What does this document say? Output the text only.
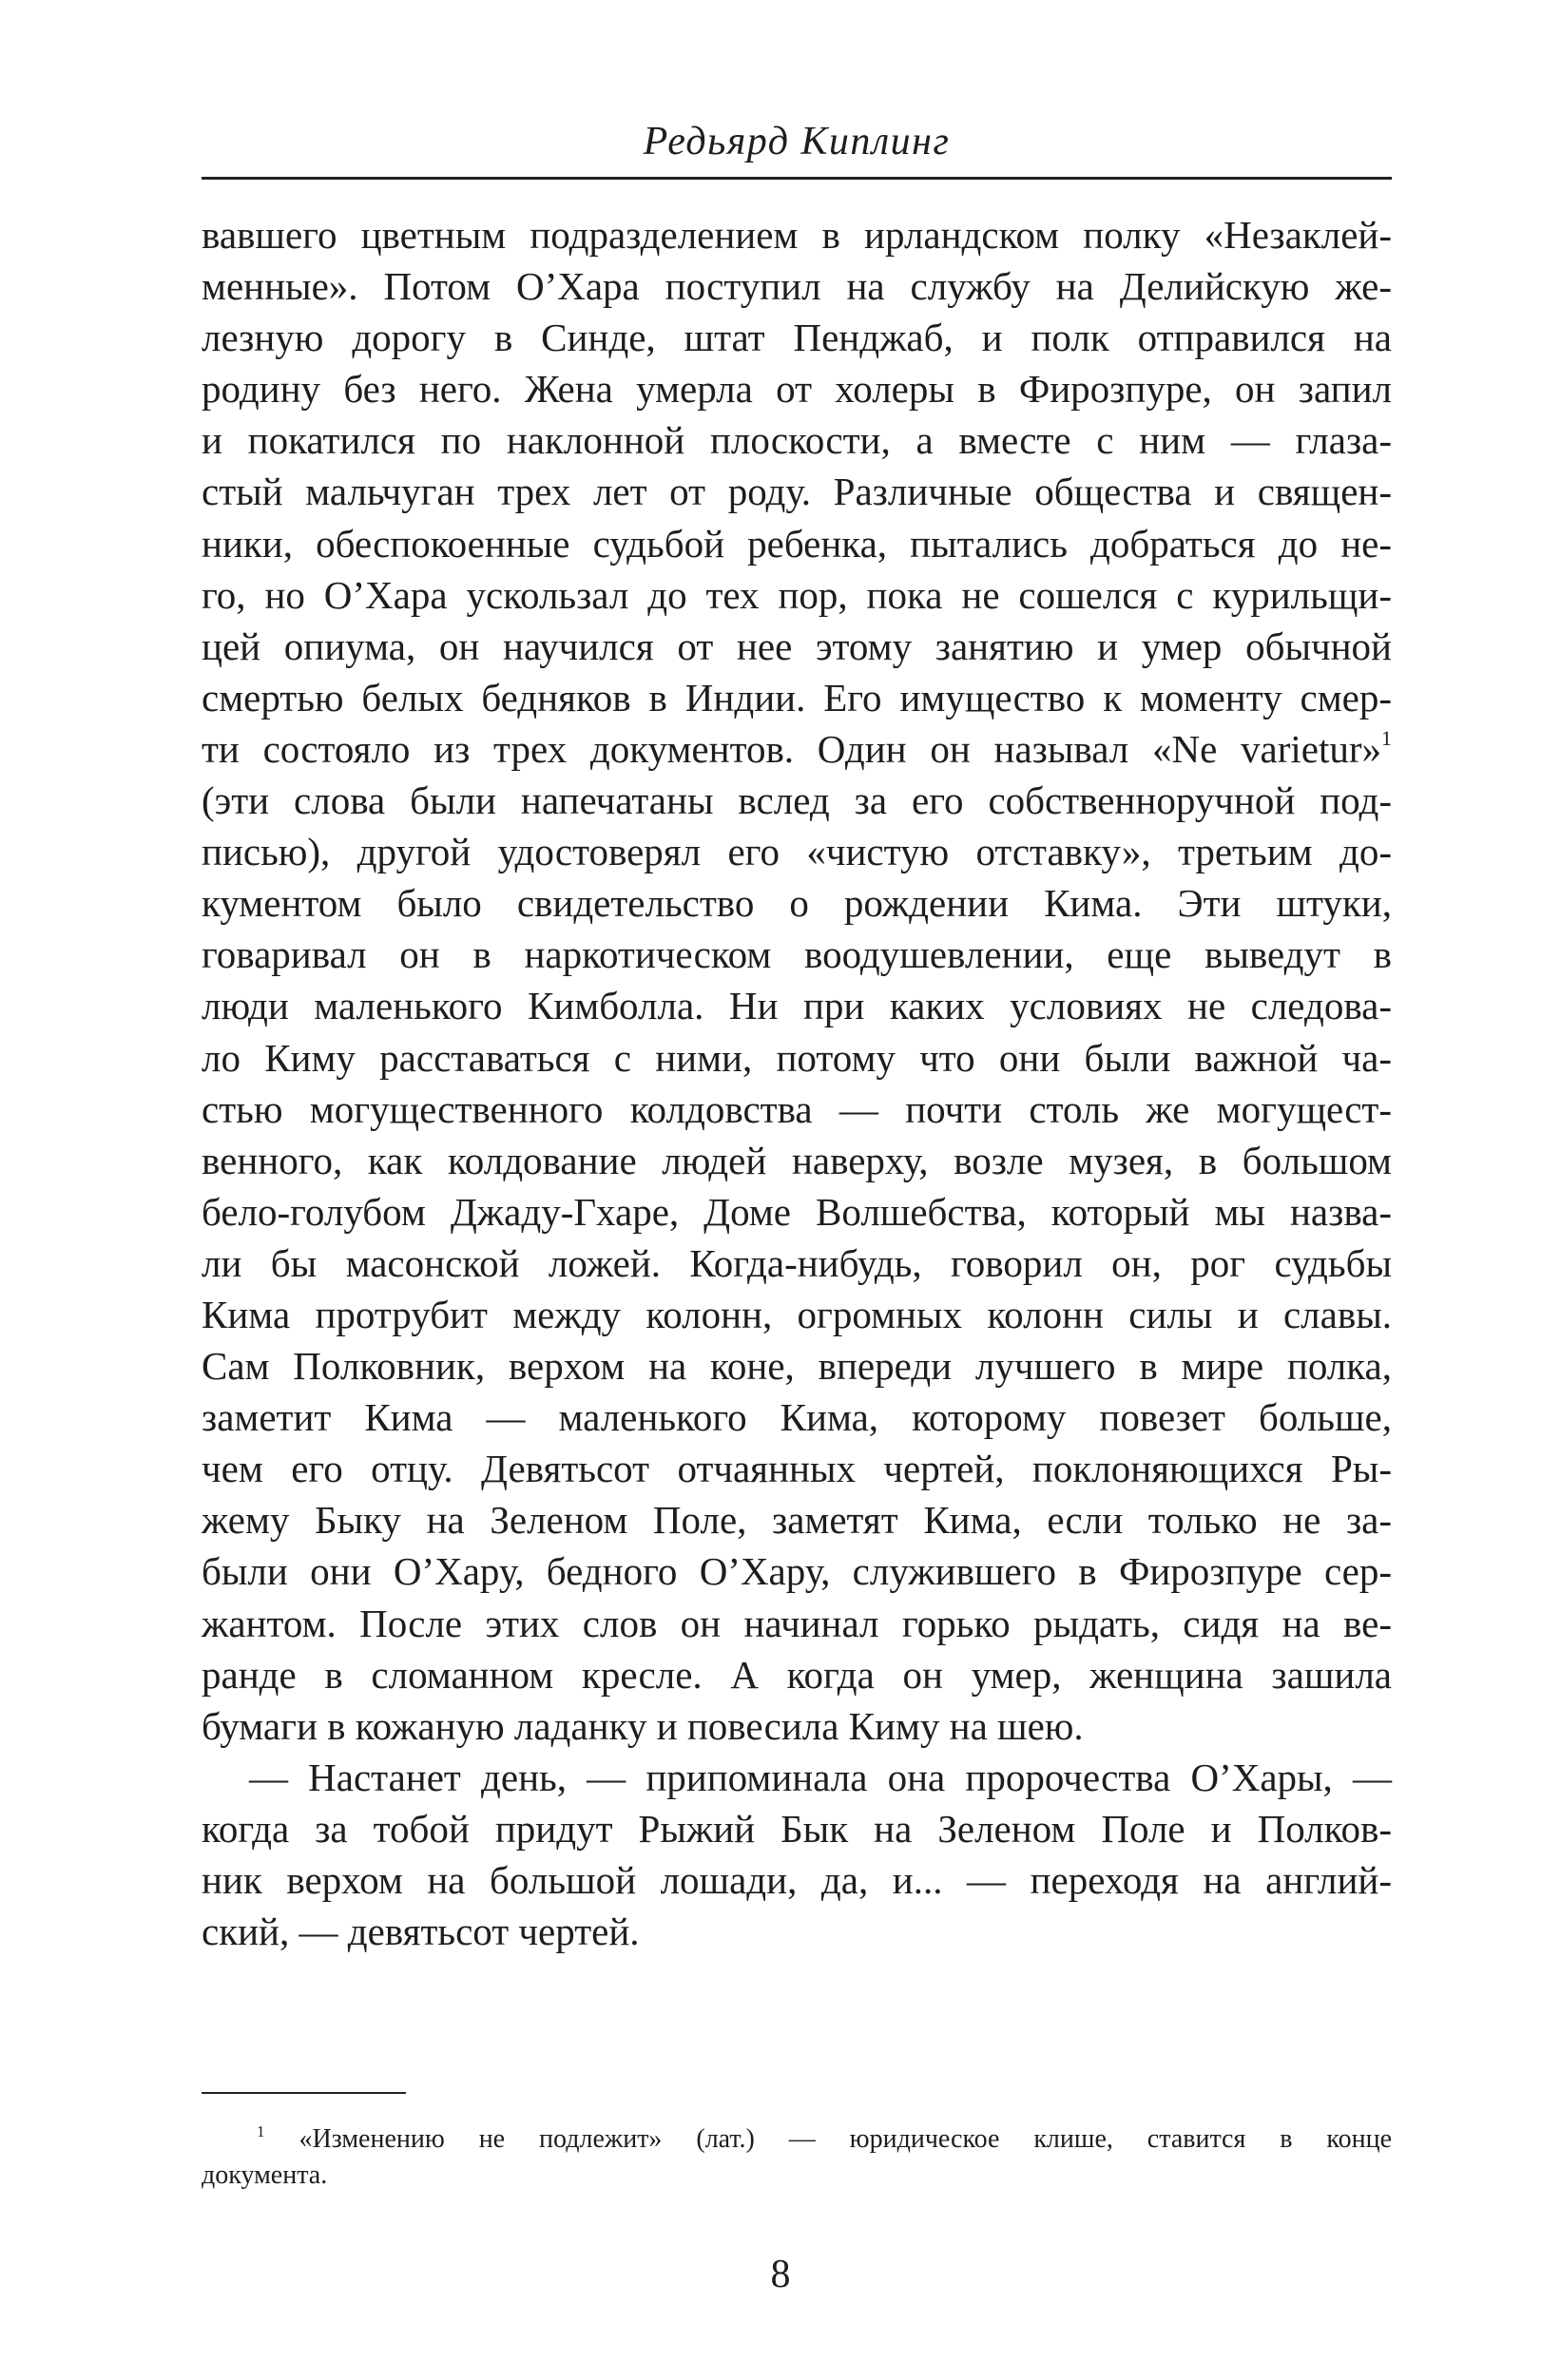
Редьярд Киплинг
вавшего цветным подразделением в ирландском полку «Незаклей-
менные». Потом О’Хара поступил на службу на Делийскую же-
лезную дорогу в Синде, штат Пенджаб, и полк отправился на
родину без него. Жена умерла от холеры в Фирозпуре, он запил
и покатился по наклонной плоскости, а вместе с ним — глаза-
стый мальчуган трех лет от роду. Различные общества и священ-
ники, обеспокоенные судьбой ребенка, пытались добраться до не-
го, но О’Хара ускользал до тех пор, пока не сошелся с курильщи-
цей опиума, он научился от нее этому занятию и умер обычной
смертью белых бедняков в Индии. Его имущество к моменту смер-
ти состояло из трех документов. Один он называл «Ne varietur»$^1$
(эти слова были напечатаны вслед за его собственноручной под-
писью), другой удостоверял его «чистую отставку», третьим до-
кументом было свидетельство о рождении Кима. Эти штуки,
говаривал он в наркотическом воодушевлении, еще выведут в
люди маленького Кимболла. Ни при каких условиях не следова-
ло Киму расставаться с ними, потому что они были важной ча-
стью могущественного колдовства — почти столь же могущест-
венного, как колдование людей наверху, возле музея, в большом
бело-голубом Джаду-Гхаре, Доме Волшебства, который мы назва-
ли бы масонской ложей. Когда-нибудь, говорил он, рог судьбы
Кима протрубит между колонн, огромных колонн силы и славы.
Сам Полковник, верхом на коне, впереди лучшего в мире полка,
заметит Кима — маленького Кима, которому повезет больше,
чем его отцу. Девятьсот отчаянных чертей, поклоняющихся Ры-
жему Быку на Зеленом Поле, заметят Кима, если только не за-
были они О’Хару, бедного О’Хару, служившего в Фирозпуре сер-
жантом. После этих слов он начинал горько рыдать, сидя на ве-
ранде в сломанном кресле. А когда он умер, женщина зашила
бумаги в кожаную ладанку и повесила Киму на шею.
— Настанет день, — припоминала она пророчества О’Хары, —
когда за тобой придут Рыжий Бык на Зеленом Поле и Полков-
ник верхом на большой лошади, да, и... — переходя на англий-
ский, — девятьсот чертей.
$^1$ «Изменению не подлежит» (лат.) — юридическое клише, ставится в конце
документа.
8
